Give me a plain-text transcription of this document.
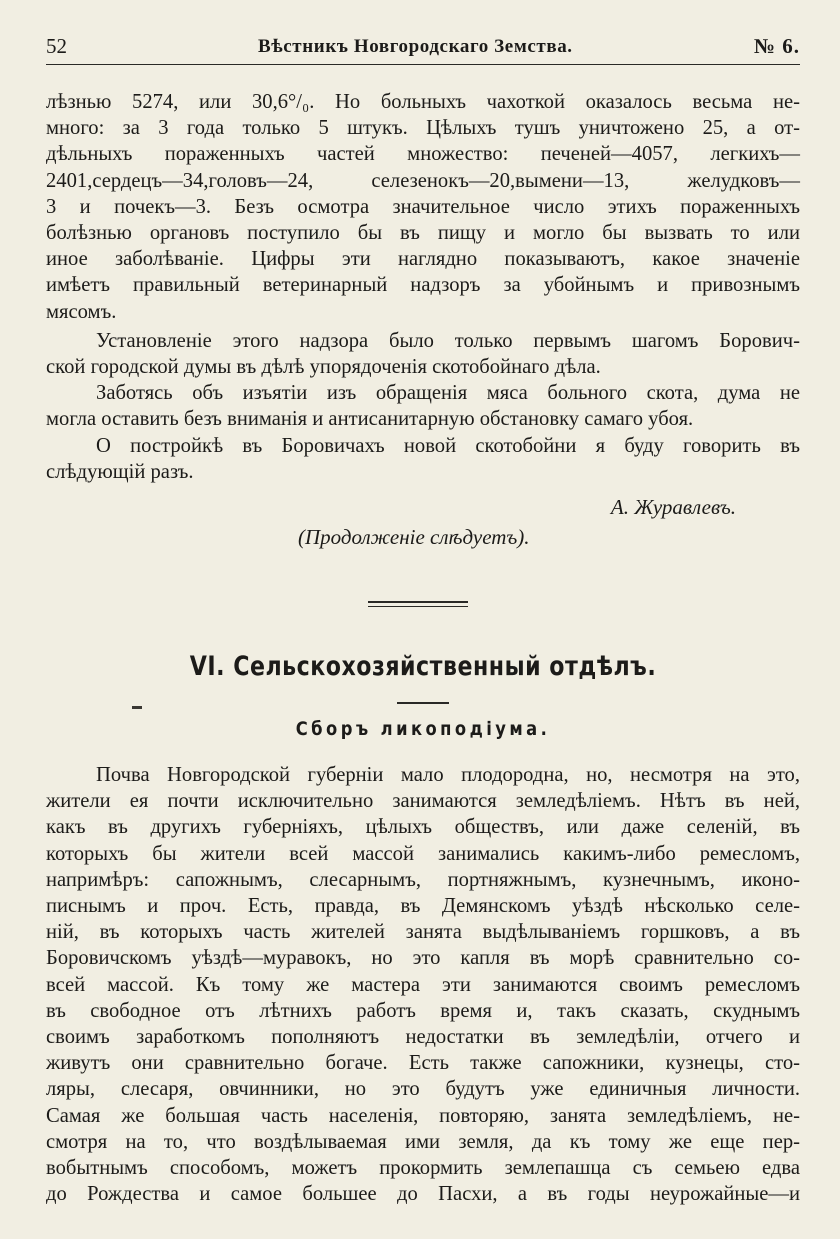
52	Вѣстникъ Новгородскаго Земства.	№ 6.

лѣзнью 5274, или 30,6°/₀. Но больныхъ чахоткой оказалось весьма не-
много: за 3 года только 5 штукъ. Цѣлыхъ тушъ уничтожено 25, а от-
дѣльныхъ пораженныхъ частей множество: печеней—4057, легкихъ—
2401,сердецъ—34,головъ—24, селезенокъ—20,вымени—13, желудковъ—
3 и почекъ—3. Безъ осмотра значительное число этихъ пораженныхъ
болѣзнью органовъ поступило бы въ пищу и могло бы вызвать то или
иное заболѣваніе. Цифры эти наглядно показываютъ, какое значеніе
имѣетъ правильный ветеринарный надзоръ за убойнымъ и привознымъ
мясомъ.

Установленіе этого надзора было только первымъ шагомъ Борович-
ской городской думы въ дѣлѣ упорядоченія скотобойнаго дѣла.

Заботясь объ изъятіи изъ обращенія мяса больного скота, дума не
могла оставить безъ вниманія и антисанитарную обстановку самаго убоя.

О постройкѣ въ Боровичахъ новой скотобойни я буду говорить въ
слѣдующій разъ.

А. Журавлевъ.
(Продолженіе слѣдуетъ).
VI. Сельскохозяйственный отдѣлъ.
Сборъ ликоподіума.

Почва Новгородской губерніи мало плодородна, но, несмотря на это,
жители ея почти исключительно занимаются земледѣліемъ. Нѣтъ въ ней,
какъ въ другихъ губерніяхъ, цѣлыхъ обществъ, или даже селеній, въ
которыхъ бы жители всей массой занимались какимъ-либо ремесломъ,
напримѣръ: сапожнымъ, слесарнымъ, портняжнымъ, кузнечнымъ, иконо-
писнымъ и проч. Есть, правда, въ Демянскомъ уѣздѣ нѣсколько селе-
ній, въ которыхъ часть жителей занята выдѣлываніемъ горшковъ, а въ
Боровичскомъ уѣздѣ—муравокъ, но это капля въ морѣ сравнительно со-
всей массой. Къ тому же мастера эти занимаются своимъ ремесломъ
въ свободное отъ лѣтнихъ работъ время и, такъ сказать, скуднымъ
своимъ заработкомъ пополняютъ недостатки въ земледѣліи, отчего и
живутъ они сравнительно богаче. Есть также сапожники, кузнецы, сто-
ляры, слесаря, овчинники, но это будутъ уже единичныя личности.
Самая же большая часть населенія, повторяю, занята земледѣліемъ, не-
смотря на то, что воздѣлываемая ими земля, да къ тому же еще пер-
вобытнымъ способомъ, можетъ прокормить землепашца съ семьею едва
до Рождества и самое большее до Пасхи, а въ годы неурожайные—и
